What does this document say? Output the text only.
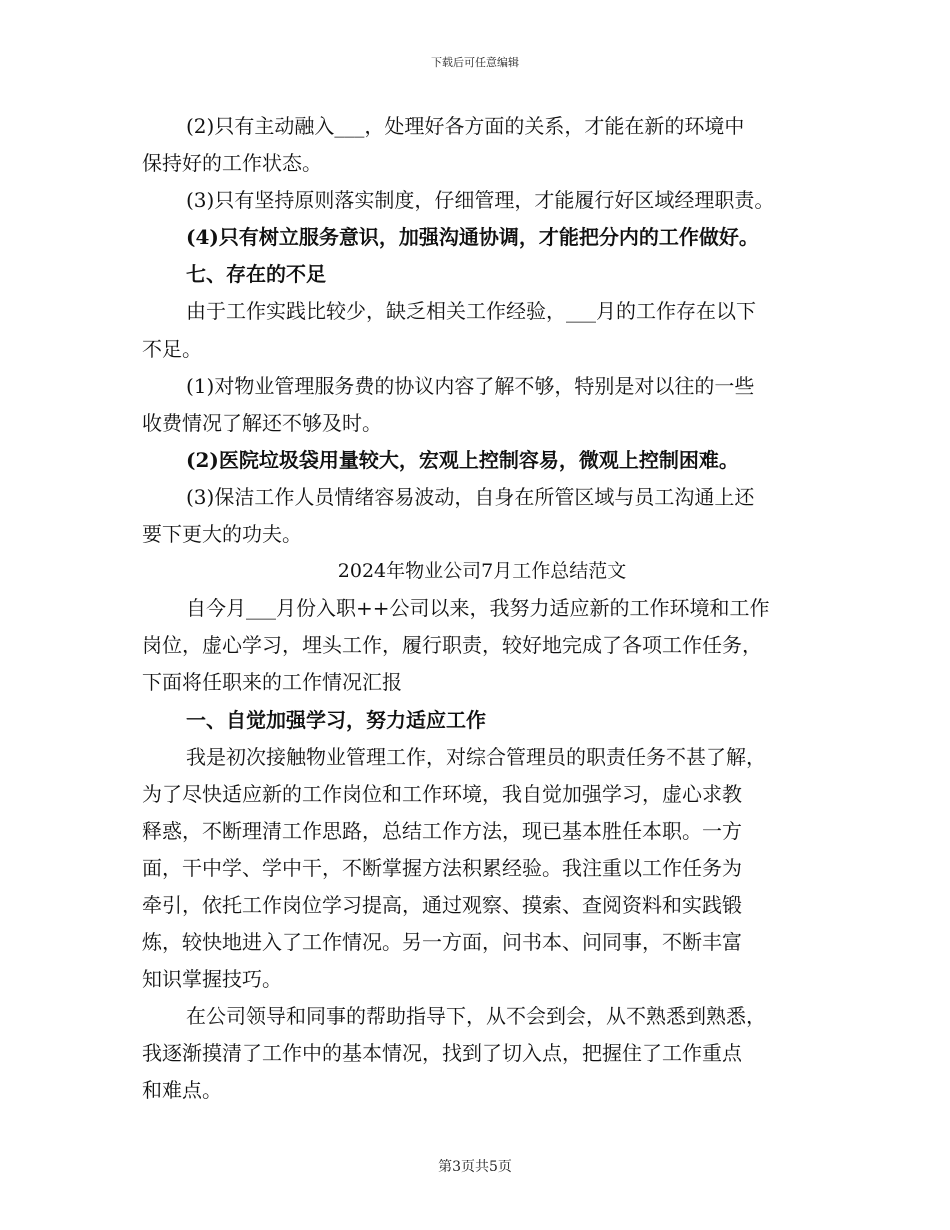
下载后可任意编辑
(2)只有主动融入___，处理好各方面的关系，才能在新的环境中
保持好的工作状态。
(3)只有坚持原则落实制度，仔细管理，才能履行好区域经理职责。
(4)只有树立服务意识，加强沟通协调，才能把分内的工作做好。
七、存在的不足
由于工作实践比较少，缺乏相关工作经验，___月的工作存在以下
不足。
(1)对物业管理服务费的协议内容了解不够，特别是对以往的一些
收费情况了解还不够及时。
(2)医院垃圾袋用量较大，宏观上控制容易，微观上控制困难。
(3)保洁工作人员情绪容易波动，自身在所管区域与员工沟通上还
要下更大的功夫。
2024年物业公司7月工作总结范文
自今月___月份入职++公司以来，我努力适应新的工作环境和工作
岗位，虚心学习，埋头工作，履行职责，较好地完成了各项工作任务，
下面将任职来的工作情况汇报
一、自觉加强学习，努力适应工作
我是初次接触物业管理工作，对综合管理员的职责任务不甚了解，
为了尽快适应新的工作岗位和工作环境，我自觉加强学习，虚心求教
释惑，不断理清工作思路，总结工作方法，现已基本胜任本职。一方
面，干中学、学中干，不断掌握方法积累经验。我注重以工作任务为
牵引，依托工作岗位学习提高，通过观察、摸索、查阅资料和实践锻
炼，较快地进入了工作情况。另一方面，问书本、问同事，不断丰富
知识掌握技巧。
在公司领导和同事的帮助指导下，从不会到会，从不熟悉到熟悉，
我逐渐摸清了工作中的基本情况，找到了切入点，把握住了工作重点
和难点。
第3页共5页
